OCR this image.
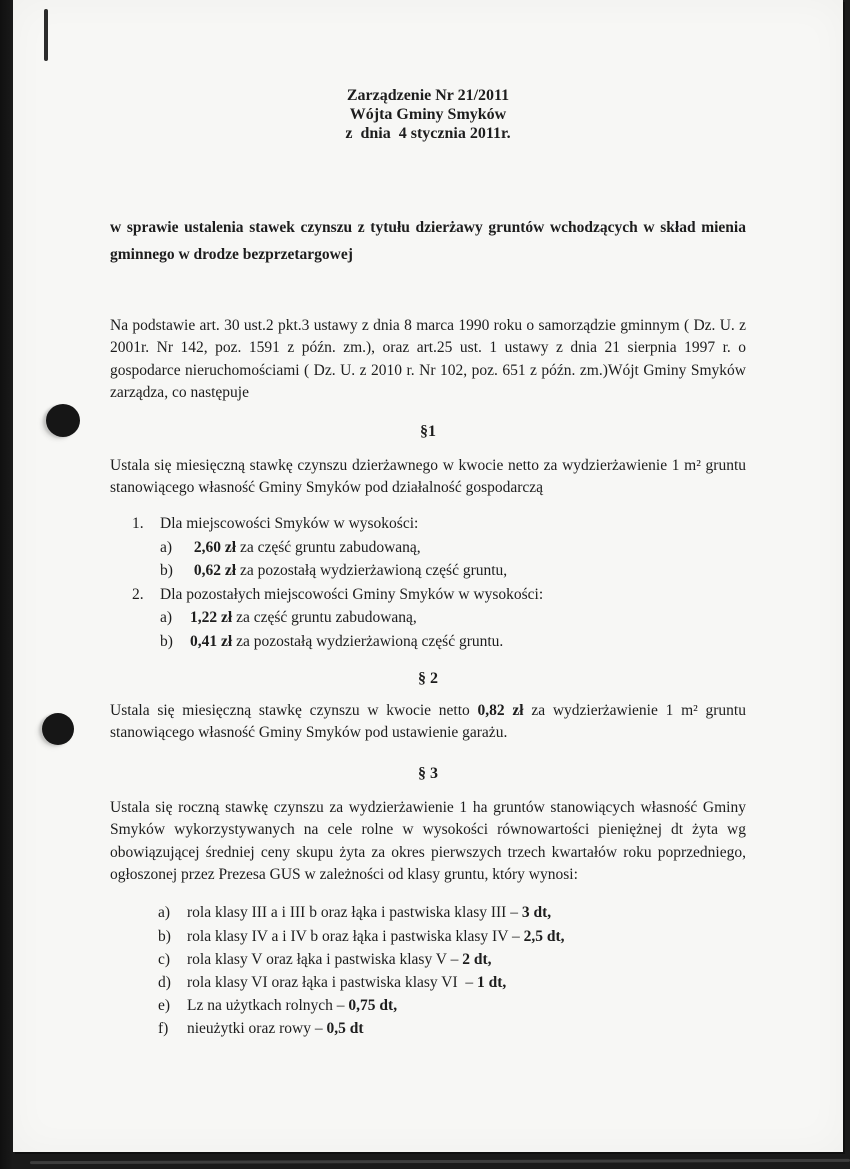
Zarządzenie Nr 21/2011
Wójta Gminy Smyków
z  dnia  4 stycznia 2011r.

w sprawie ustalenia stawek czynszu z tytułu dzierżawy gruntów wchodzących w skład mienia gminnego w drodze bezprzetargowej

Na podstawie art. 30 ust.2 pkt.3 ustawy z dnia 8 marca 1990 roku o samorządzie gminnym ( Dz. U. z 2001r. Nr 142, poz. 1591 z późn. zm.), oraz art.25 ust. 1 ustawy z dnia 21 sierpnia 1997 r. o gospodarce nieruchomościami ( Dz. U. z 2010 r. Nr 102, poz. 651 z późn. zm.)Wójt Gminy Smyków zarządza, co następuje

§1

Ustala się miesięczną stawkę czynszu dzierżawnego w kwocie netto za wydzierżawienie 1 m² gruntu stanowiącego własność Gminy Smyków pod działalność gospodarczą

1.	Dla miejscowości Smyków w wysokości:
a)	2,60 zł za część gruntu zabudowaną,
b)	0,62 zł za pozostałą wydzierżawioną część gruntu,
2.	Dla pozostałych miejscowości Gminy Smyków w wysokości:
a)	1,22 zł za część gruntu zabudowaną,
b)	0,41 zł za pozostałą wydzierżawioną część gruntu.
§ 2

Ustala się miesięczną stawkę czynszu w kwocie netto 0,82 zł za wydzierżawienie 1 m² gruntu stanowiącego własność Gminy Smyków pod ustawienie garażu.

§ 3

Ustala się roczną stawkę czynszu za wydzierżawienie 1 ha gruntów stanowiących własność Gminy Smyków wykorzystywanych na cele rolne w wysokości równowartości pieniężnej dt żyta wg obowiązującej średniej ceny skupu żyta za okres pierwszych trzech kwartałów roku poprzedniego, ogłoszonej przez Prezesa GUS w zależności od klasy gruntu, który wynosi:

a)	rola klasy III a i III b oraz łąka i pastwiska klasy III – 3 dt,
b)	rola klasy IV a i IV b oraz łąka i pastwiska klasy IV – 2,5 dt,
c)	rola klasy V oraz łąka i pastwiska klasy V – 2 dt,
d)	rola klasy VI oraz łąka i pastwiska klasy VI  – 1 dt,
e)	Lz na użytkach rolnych – 0,75 dt,
f)	nieużytki oraz rowy – 0,5 dt
